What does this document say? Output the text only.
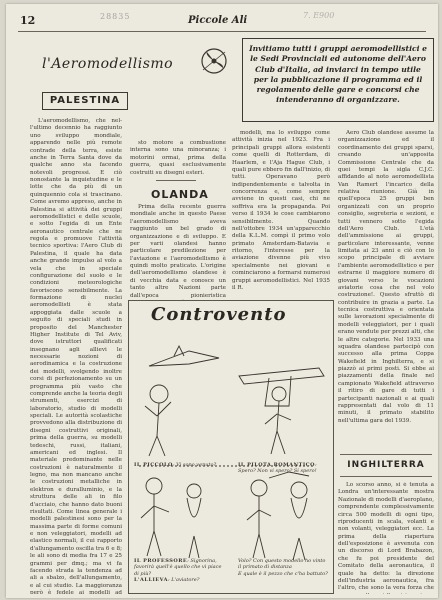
12	28835	Piccole Ali	7. E900
l'Aeromodellismo
Invitiamo tutti i gruppi aeromodellistici e le Sedi Provinciali ed autonome dell'Aero Club d'Italia, ad inviarci in tempo utile per la pubblicazione il programma ed il regolamento delle gare e concorsi che intenderanno di organizzare.
PALESTINA
L'aeromodellismo, che nel-l'ultimo decennio ha raggiunto uno sviluppo mondiale, apparendo nelle più remote contrade della terra, esiste anche in Terra Santa dove da qualche anno sta facendo notevoli progressi. E ciò nonostante la inquietudine e le lotte che da più di un quinquennio cola si trascinano. Come avremo appreso, anche in Palestina si attività dei gruppi aeromodellistici e delle scuole, e sotto l'egida di un Ente aeronautico centrale che ne regola e promuove l'attività tecnico sportiva: l'Aero Club di Palestina, il quale ha data anche grande impulso al volo a vela che in speciale configurazione del suolo e le condizioni meteorologiche favoriscono sensibilmente. La formazione di nuclei aeromodellisti è stata appoggiata dalle scuole a seguito di speciali studi in proposito del Manchester Higher Institute di Tel Aviv, dove istruttori qualificati insegnano agli allievi le necessarie nozioni di aerodinamica e la costruzione dei modelli, svolgendo inoltre corsi di perfezionamento su un programma più vasto che comprende anche la teoria degli strumenti, esercizi di laboratorio, studio di modelli speciali. Le autorità scolastiche provvedono alla distribuzione di disegni costruttivi originali, prima della guerra, su modelli tedeschi, russi, italiani, americani ed inglesi. Il materiale predominante nelle costruzioni è naturalmente il legno, ma non mancano anche le costruzioni metalliche in elektron e duralluminio, e la struttura delle ali in filo d'acciaio, che hanno dato buoni risultati. Come linea generale i modelli palestinesi sono per la massima parte di forme comuni e non veleggiatori, modelli ad elastico normali, il cui rapporto d'allungamento oscilla tra 6 e 8; le ali sono di media fra 17 e 25 grammi per dmq.; ma vi fa facendo strada la tendenza ad ali a sbalzo, dell'allungamento, e al cui studio. La maggioranza però è fedele ai modelli ad
sto motore a combustione interna sono una minoranza; i motorini ormai, prima della guerra, quasi esclusivamente costruiti su disegni esteri.
OLANDA
Prima della recente guerra mondiale anche in questo Paese l'aeromodellismo aveva raggiunto un bel grado di organizzazione e di sviluppo. E per varii olandesi hanno particolare predilezione per l'aviazione e l'aeromodellismo è quindi molto praticato. L'origine dell'aeromodellismo olandese è di vecchia data e conosce un tanto altre Nazioni parte dall'epoca pionieristica
modelli, ma lo sviluppo come attività inizia nel 1923. Fra i principali gruppi allora esistenti come quelli di Rotterdam, di Haarlem, e l'Aja Hague Club, i quali pure ebbero fin dall'inizio, di tutti. Operavano però indipendentemente e talvolta in concorrenza e, come sempre avviene in questi casi, chi ne soffriva era la propaganda. Poi verso il 1934 le cose cambiarono sensibilmente. Quando nell'ottobre 1934 un'apparecchio della K.L.M. compì il primo volo primato Amsterdam-Batavia e ritorno, l'interesse per la aviazione divenne più vivo specialmente nei giovani e cominciarono a formarsi numerosi gruppi aeromodellistici. Nel 1935 il R.
Aero Club olandese assume la organizzazione ed il coordinamento dei gruppi sparsi, creando un'apposita Commissione Centrale che da quei tempi la sigla C.J.C. affidando al noto aeromodellista Van Ramert l'incarico della relativa riunione. Già in quell'epoca 25 gruppi ben organizzati con un proprio consiglio, segreteria e sezioni, e tutti vennero sotto l'egida dell'Aero Club. L'età dell'ammissione ai gruppi, particolare interessante, venne limitata ai 23 anni e ciò con lo scopo principale di avviare l'ambiente aeromodellistico e per estrarne il maggiore numero di giovani verso le vocazioni aviatorie cosa che nel volo costruzione!. Questo sfruttò di contribuire in grazia a parte. La tecnica costruttiva e orientata sulle lavorazioni specialmente di modelli veleggiatori, per i quali erano vendute per prezzi alti, che le altre categorie. Nel 1933 una squadra olandese partecipò con successo alla prima Coppa Wakefield in Inghilterra, e si piazzò ai primi posti. Si ebbe ai piazzamenti della finale nel campionato Wakefield attraverso il ritiro di gare di tutti i partecipanti nazionali e ai quali rappresentati dal volo di 11 minuti, il primato stabilito nell'ultima gara del 1939.
INGHILTERRA
Lo scorso anno, si è tenuta a Londra un'interessante mostra Nazionale di modelli d'aeroplano, comprendente complessivamente circa 500 modelli di ogni tipo, riproducenti in scala, volanti e non volanti, veleggiatori ecc. La prima della riapertura dell'esposizione è avvenuta con un discorso di Lord Brabazon, che fu poi presidente del Comitato della aeronautica, il quale ha detto: la direzione dell'industria aeronautica, fra l'altro, che sono la vera forza che
Controvento
IL PICCOLO: Vi sono venuto?	IL PILOTA ROMANTICO: Spero? Non vi spero? Si spero!
IL PROFESSORE: Signorina, favorirà quell'è quello che vi piace di più?
L'ALLIEVA: L'aviatore?
Volo? Con questo modello ho vinto il primato di distanza
E quale è il pezzo che c'ha battuto?
